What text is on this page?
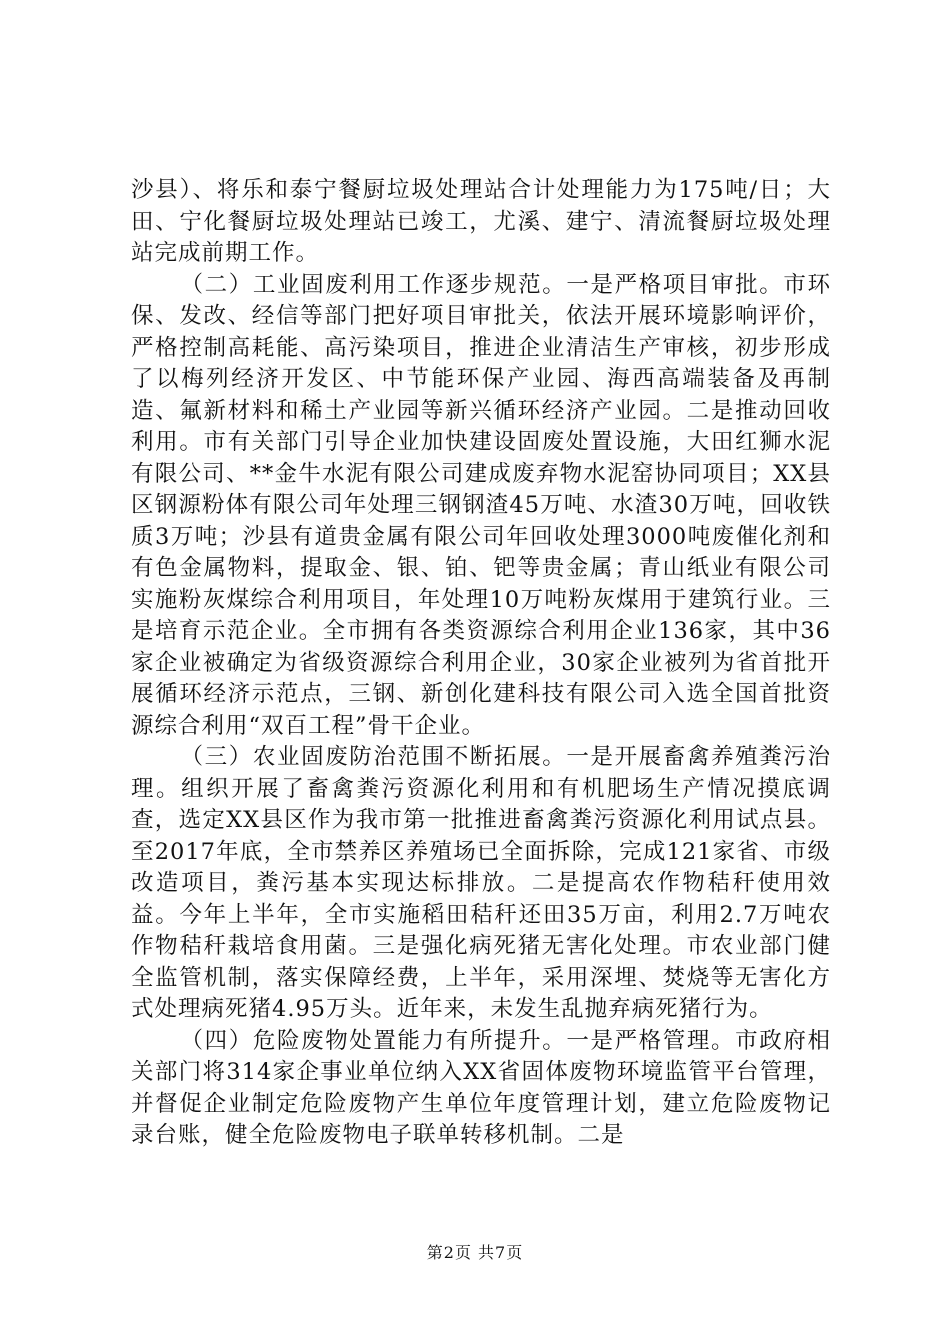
沙县）、将乐和泰宁餐厨垃圾处理站合计处理能力为175吨/日；大田、宁化餐厨垃圾处理站已竣工，尤溪、建宁、清流餐厨垃圾处理站完成前期工作。

（二）工业固废利用工作逐步规范。一是严格项目审批。市环保、发改、经信等部门把好项目审批关，依法开展环境影响评价，严格控制高耗能、高污染项目，推进企业清洁生产审核，初步形成了以梅列经济开发区、中节能环保产业园、海西高端装备及再制造、氟新材料和稀土产业园等新兴循环经济产业园。二是推动回收利用。市有关部门引导企业加快建设固废处置设施，大田红狮水泥有限公司、**金牛水泥有限公司建成废弃物水泥窑协同项目；XX县区钢源粉体有限公司年处理三钢钢渣45万吨、水渣30万吨，回收铁质3万吨；沙县有道贵金属有限公司年回收处理3000吨废催化剂和有色金属物料，提取金、银、铂、钯等贵金属；青山纸业有限公司实施粉灰煤综合利用项目，年处理10万吨粉灰煤用于建筑行业。三是培育示范企业。全市拥有各类资源综合利用企业136家，其中36家企业被确定为省级资源综合利用企业，30家企业被列为省首批开展循环经济示范点，三钢、新创化建科技有限公司入选全国首批资源综合利用“双百工程”骨干企业。

（三）农业固废防治范围不断拓展。一是开展畜禽养殖粪污治理。组织开展了畜禽粪污资源化利用和有机肥场生产情况摸底调查，选定XX县区作为我市第一批推进畜禽粪污资源化利用试点县。至2017年底，全市禁养区养殖场已全面拆除，完成121家省、市级改造项目，粪污基本实现达标排放。二是提高农作物秸秆使用效益。今年上半年，全市实施稻田秸秆还田35万亩，利用2.7万吨农作物秸秆栽培食用菌。三是强化病死猪无害化处理。市农业部门健全监管机制，落实保障经费，上半年，采用深埋、焚烧等无害化方式处理病死猪4.95万头。近年来，未发生乱抛弃病死猪行为。

（四）危险废物处置能力有所提升。一是严格管理。市政府相关部门将314家企事业单位纳入XX省固体废物环境监管平台管理，并督促企业制定危险废物产生单位年度管理计划，建立危险废物记录台账，健全危险废物电子联单转移机制。二是

第2页 共7页
